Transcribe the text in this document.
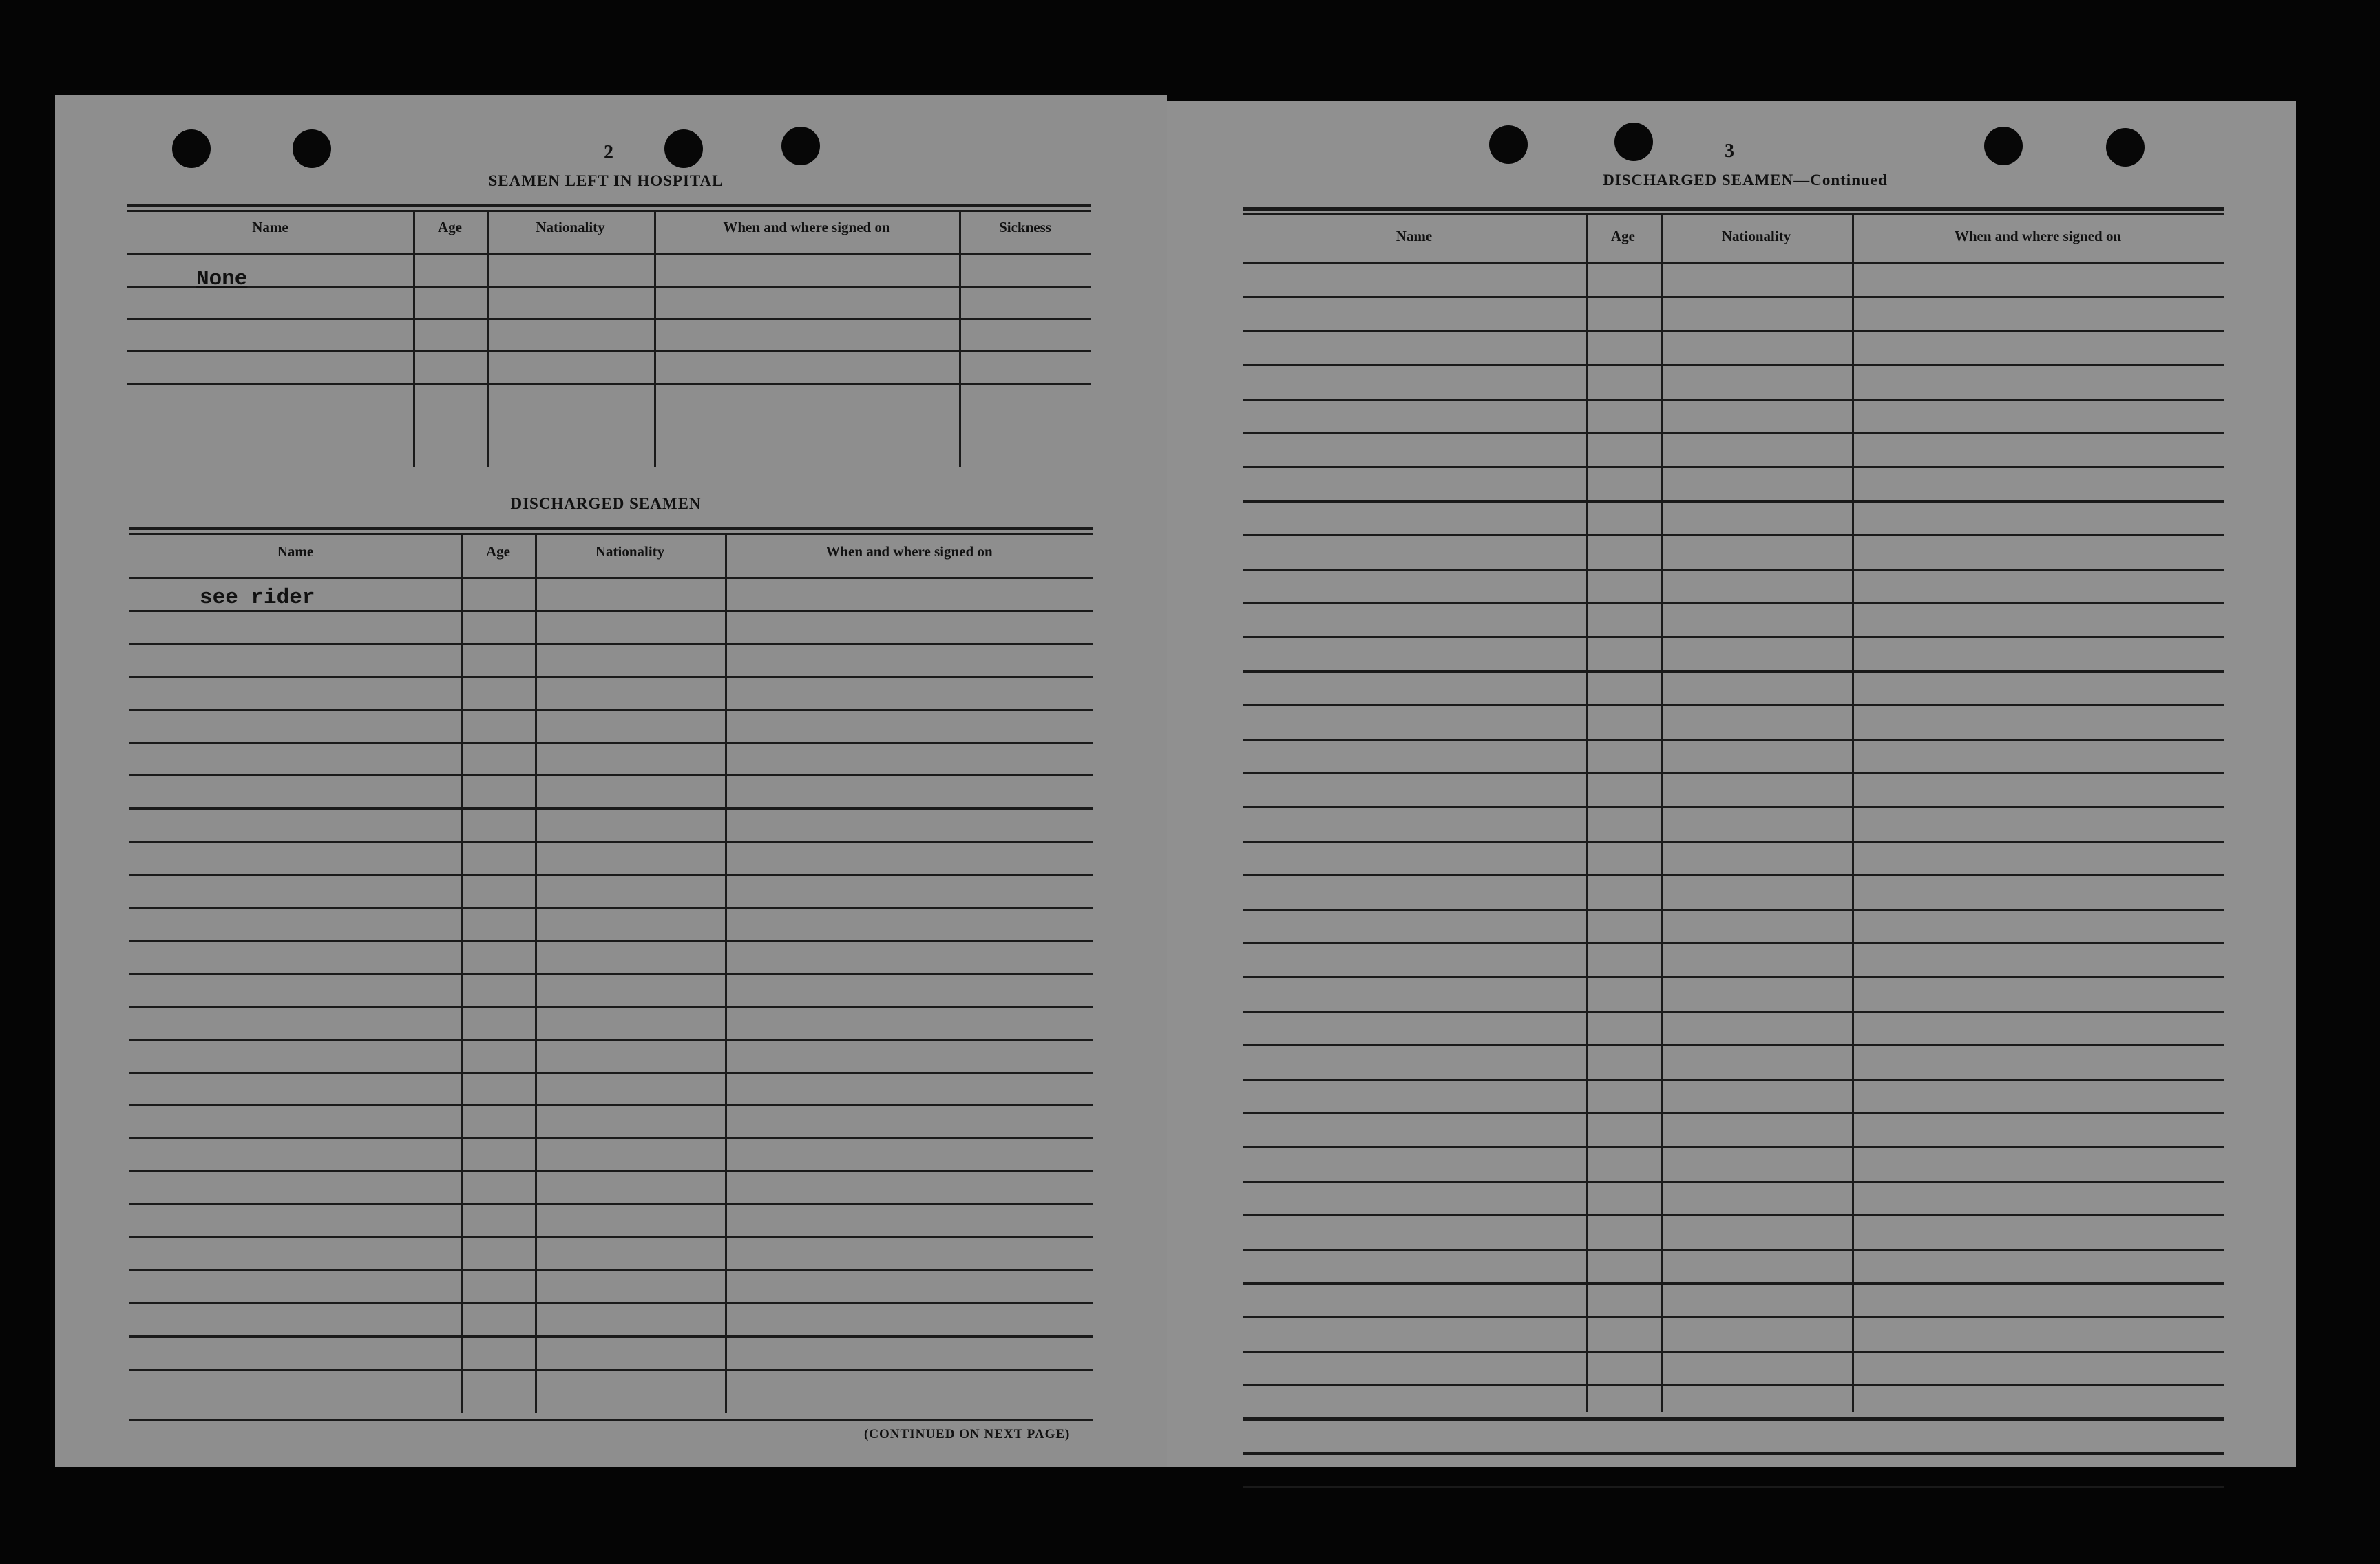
2
SEAMEN LEFT IN HOSPITAL
Name	Age	Nationality	When and where signed on	Sickness
None
DISCHARGED SEAMEN
Name	Age	Nationality	When and where signed on
see rider
(CONTINUED ON NEXT PAGE)
3
DISCHARGED SEAMEN—Continued
Name	Age	Nationality	When and where signed on
